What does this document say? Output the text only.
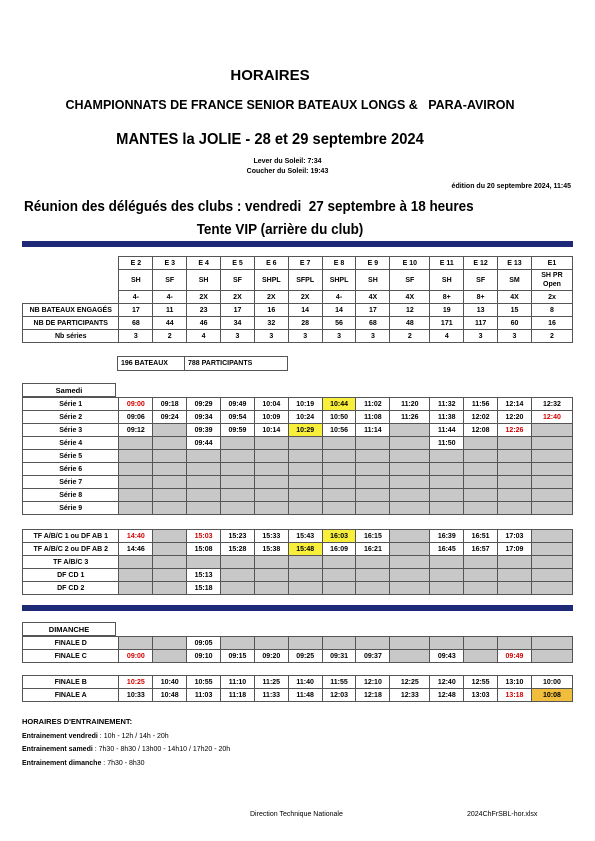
HORAIRES
CHAMPIONNATS DE FRANCE SENIOR BATEAUX LONGS &   PARA-AVIRON
MANTES la JOLIE - 28 et 29 septembre 2024
Lever du Soleil: 7:34
Coucher du Soleil: 19:43
édition du 20 septembre 2024, 11:45
Réunion des délégués des clubs : vendredi  27 septembre à 18 heures
Tente VIP (arrière du club)
	E 2	E 3	E 4	E 5	E 6	E 7	E 8	E 9	E 10	E 11	E 12	E 13	E1
	SH	SF	SH	SF	SHPL	SFPL	SHPL	SH	SF	SH	SF	SM	SH PR Open
	4-	4-	2X	2X	2X	2X	4-	4X	4X	8+	8+	4X	2x
NB BATEAUX ENGAGÉS	17	11	23	17	16	14	14	17	12	19	13	15	8
NB DE PARTICIPANTS	68	44	46	34	32	28	56	68	48	171	117	60	16
Nb séries	3	2	4	3	3	3	3	3	2	4	3	3	2
196 BATEAUX	788 PARTICIPANTS
Samedi
Série 1	09:00	09:18	09:29	09:49	10:04	10:19	10:44	11:02	11:20	11:32	11:56	12:14	12:32
Série 2	09:06	09:24	09:34	09:54	10:09	10:24	10:50	11:08	11:26	11:38	12:02	12:20	12:40
Série 3	09:12		09:39	09:59	10:14	10:29	10:56	11:14		11:44	12:08	12:26	
Série 4			09:44							11:50			
Série 5													
Série 6													
Série 7													
Série 8													
Série 9													
TF A/B/C 1 ou DF AB 1	14:40		15:03	15:23	15:33	15:43	16:03	16:15		16:39	16:51	17:03	
TF A/B/C 2 ou DF AB 2	14:46		15:08	15:28	15:38	15:48	16:09	16:21		16:45	16:57	17:09	
TF A/B/C 3													
DF CD 1			15:13										
DF CD 2			15:18										
DIMANCHE
FINALE D			09:05										
FINALE C	09:00		09:10	09:15	09:20	09:25	09:31	09:37		09:43		09:49	
FINALE B	10:25	10:40	10:55	11:10	11:25	11:40	11:55	12:10	12:25	12:40	12:55	13:10	10:00
FINALE A	10:33	10:48	11:03	11:18	11:33	11:48	12:03	12:18	12:33	12:48	13:03	13:18	10:08
HORAIRES D'ENTRAINEMENT:
Entrainement vendredi : 10h - 12h / 14h - 20h
Entrainement samedi : 7h30 - 8h30 / 13h00 - 14h10 / 17h20 - 20h
Entrainement dimanche : 7h30 - 8h30
Direction Technique Nationale	2024ChFrSBL-hor.xlsx
